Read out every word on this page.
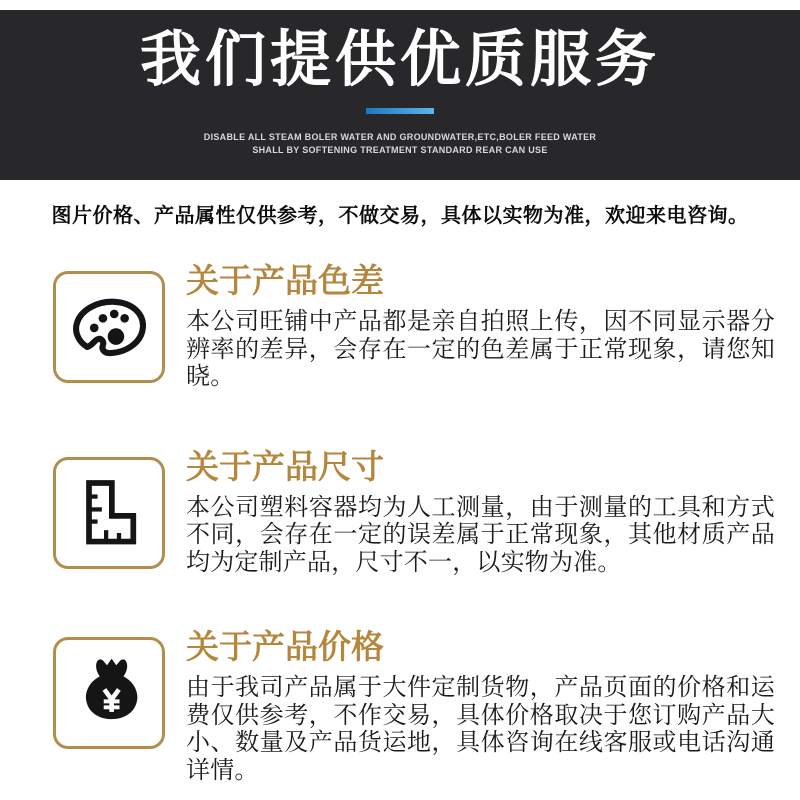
我们提供优质服务

DISABLE ALL STEAM BOLER WATER AND GROUNDWATER,ETC,BOLER FEED WATER

SHALL BY SOFTENING TREATMENT STANDARD REAR CAN USE

图片价格、产品属性仅供参考，不做交易，具体以实物为准，欢迎来电咨询。
关于产品色差

本公司旺铺中产品都是亲自拍照上传，因不同显示器分辨率的差异，会存在一定的色差属于正常现象，请您知晓。

关于产品尺寸

本公司塑料容器均为人工测量，由于测量的工具和方式不同，会存在一定的误差属于正常现象，其他材质产品均为定制产品，尺寸不一，以实物为准。

关于产品价格

由于我司产品属于大件定制货物，产品页面的价格和运费仅供参考，不作交易，具体价格取决于您订购产品大小、数量及产品货运地，具体咨询在线客服或电话沟通详情。
